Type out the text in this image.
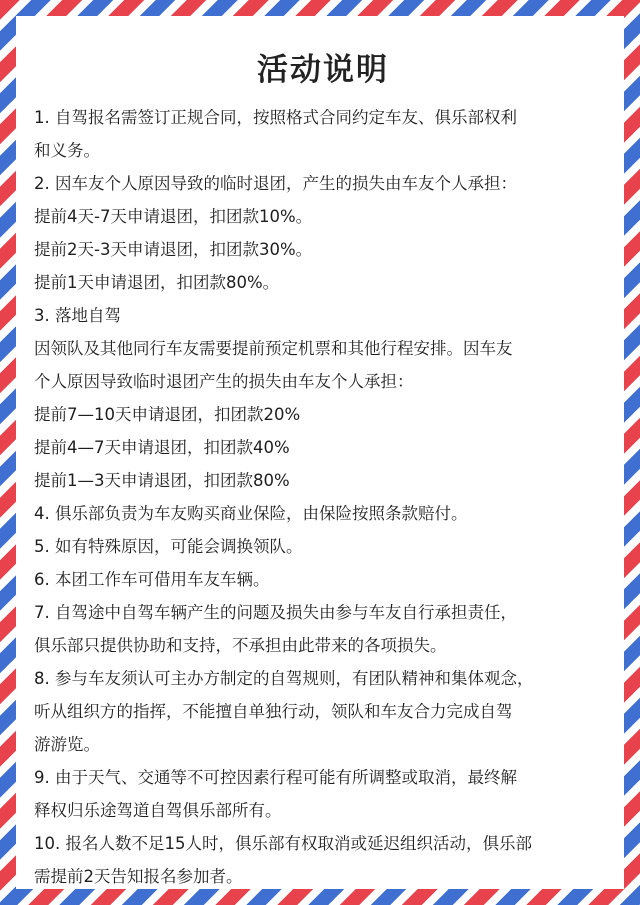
活动说明
1. 自驾报名需签订正规合同，按照格式合同约定车友、俱乐部权利
和义务。
2. 因车友个人原因导致的临时退团，产生的损失由车友个人承担：
提前4天-7天申请退团，扣团款10%。
提前2天-3天申请退团，扣团款30%。
提前1天申请退团，扣团款80%。
3. 落地自驾
因领队及其他同行车友需要提前预定机票和其他行程安排。因车友
个人原因导致临时退团产生的损失由车友个人承担：
提前7—10天申请退团，扣团款20%
提前4—7天申请退团，扣团款40%
提前1—3天申请退团，扣团款80%
4. 俱乐部负责为车友购买商业保险，由保险按照条款赔付。
5. 如有特殊原因，可能会调换领队。
6. 本团工作车可借用车友车辆。
7. 自驾途中自驾车辆产生的问题及损失由参与车友自行承担责任，
俱乐部只提供协助和支持，不承担由此带来的各项损失。
8. 参与车友须认可主办方制定的自驾规则，有团队精神和集体观念，
听从组织方的指挥，不能擅自单独行动，领队和车友合力完成自驾
游游览。
9. 由于天气、交通等不可控因素行程可能有所调整或取消，最终解
释权归乐途驾道自驾俱乐部所有。
10. 报名人数不足15人时，俱乐部有权取消或延迟组织活动，俱乐部
需提前2天告知报名参加者。
